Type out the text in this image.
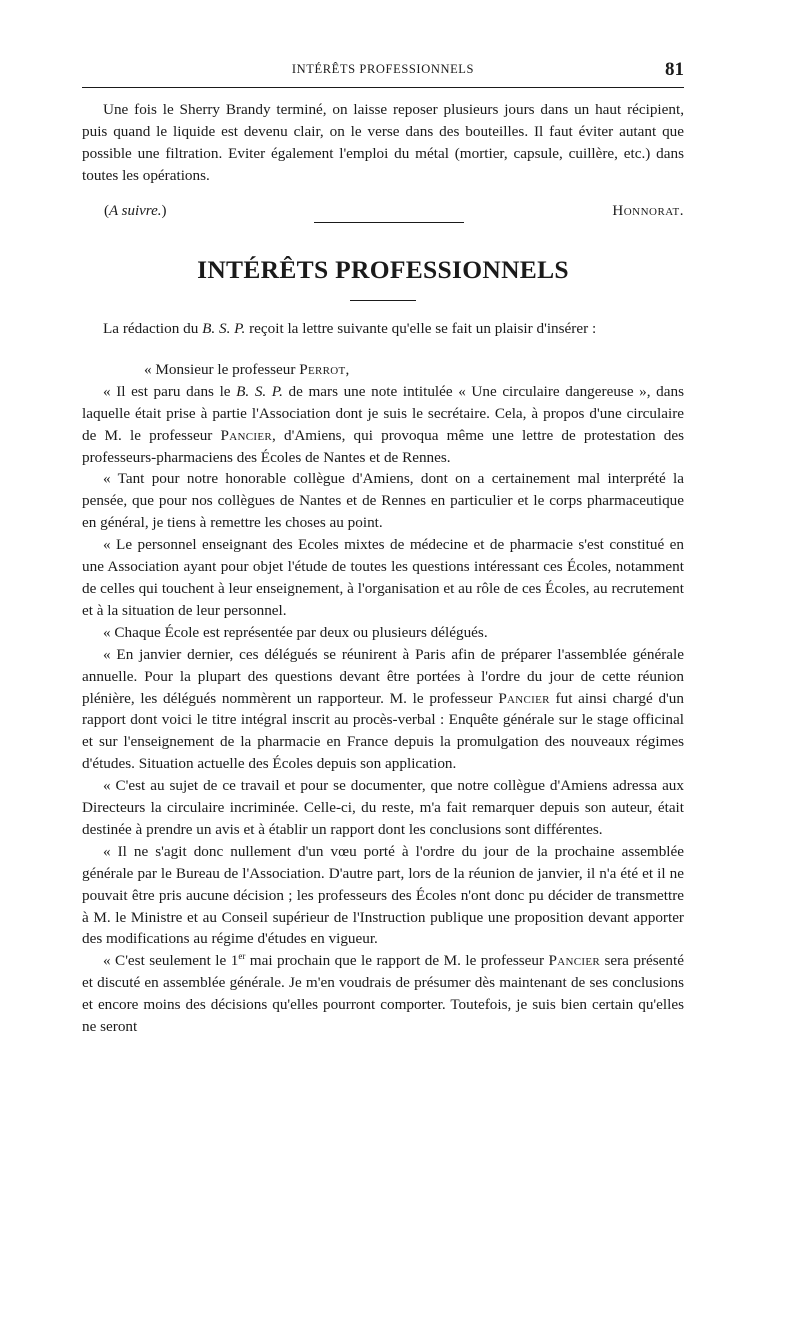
INTÉRÊTS PROFESSIONNELS	81

Une fois le Sherry Brandy terminé, on laisse reposer plusieurs jours dans un haut récipient, puis quand le liquide est devenu clair, on le verse dans des bouteilles. Il faut éviter autant que possible une filtration. Eviter également l'emploi du métal (mortier, capsule, cuillère, etc.) dans toutes les opérations.

(A suivre.)	Honnorat.
INTÉRÊTS PROFESSIONNELS

La rédaction du B. S. P. reçoit la lettre suivante qu'elle se fait un plaisir d'insérer :

« Monsieur le professeur Perrot,

« Il est paru dans le B. S. P. de mars une note intitulée « Une circulaire dangereuse », dans laquelle était prise à partie l'Association dont je suis le secrétaire. Cela, à propos d'une circulaire de M. le professeur Pancier, d'Amiens, qui provoqua même une lettre de protestation des professeurs-pharmaciens des Écoles de Nantes et de Rennes.

« Tant pour notre honorable collègue d'Amiens, dont on a certainement mal interprété la pensée, que pour nos collègues de Nantes et de Rennes en particulier et le corps pharmaceutique en général, je tiens à remettre les choses au point.

« Le personnel enseignant des Ecoles mixtes de médecine et de pharmacie s'est constitué en une Association ayant pour objet l'étude de toutes les questions intéressant ces Écoles, notamment de celles qui touchent à leur enseignement, à l'organisation et au rôle de ces Écoles, au recrutement et à la situation de leur personnel.

« Chaque École est représentée par deux ou plusieurs délégués.

« En janvier dernier, ces délégués se réunirent à Paris afin de préparer l'assemblée générale annuelle. Pour la plupart des questions devant être portées à l'ordre du jour de cette réunion plénière, les délégués nommèrent un rapporteur. M. le professeur Pancier fut ainsi chargé d'un rapport dont voici le titre intégral inscrit au procès-verbal : Enquête générale sur le stage officinal et sur l'enseignement de la pharmacie en France depuis la promulgation des nouveaux régimes d'études. Situation actuelle des Écoles depuis son application.

« C'est au sujet de ce travail et pour se documenter, que notre collègue d'Amiens adressa aux Directeurs la circulaire incriminée. Celle-ci, du reste, m'a fait remarquer depuis son auteur, était destinée à prendre un avis et à établir un rapport dont les conclusions sont différentes.

« Il ne s'agit donc nullement d'un vœu porté à l'ordre du jour de la prochaine assemblée générale par le Bureau de l'Association. D'autre part, lors de la réunion de janvier, il n'a été et il ne pouvait être pris aucune décision ; les professeurs des Écoles n'ont donc pu décider de transmettre à M. le Ministre et au Conseil supérieur de l'Instruction publique une proposition devant apporter des modifications au régime d'études en vigueur.

« C'est seulement le 1er mai prochain que le rapport de M. le professeur Pancier sera présenté et discuté en assemblée générale. Je m'en voudrais de présumer dès maintenant de ses conclusions et encore moins des décisions qu'elles pourront comporter. Toutefois, je suis bien certain qu'elles ne seront
